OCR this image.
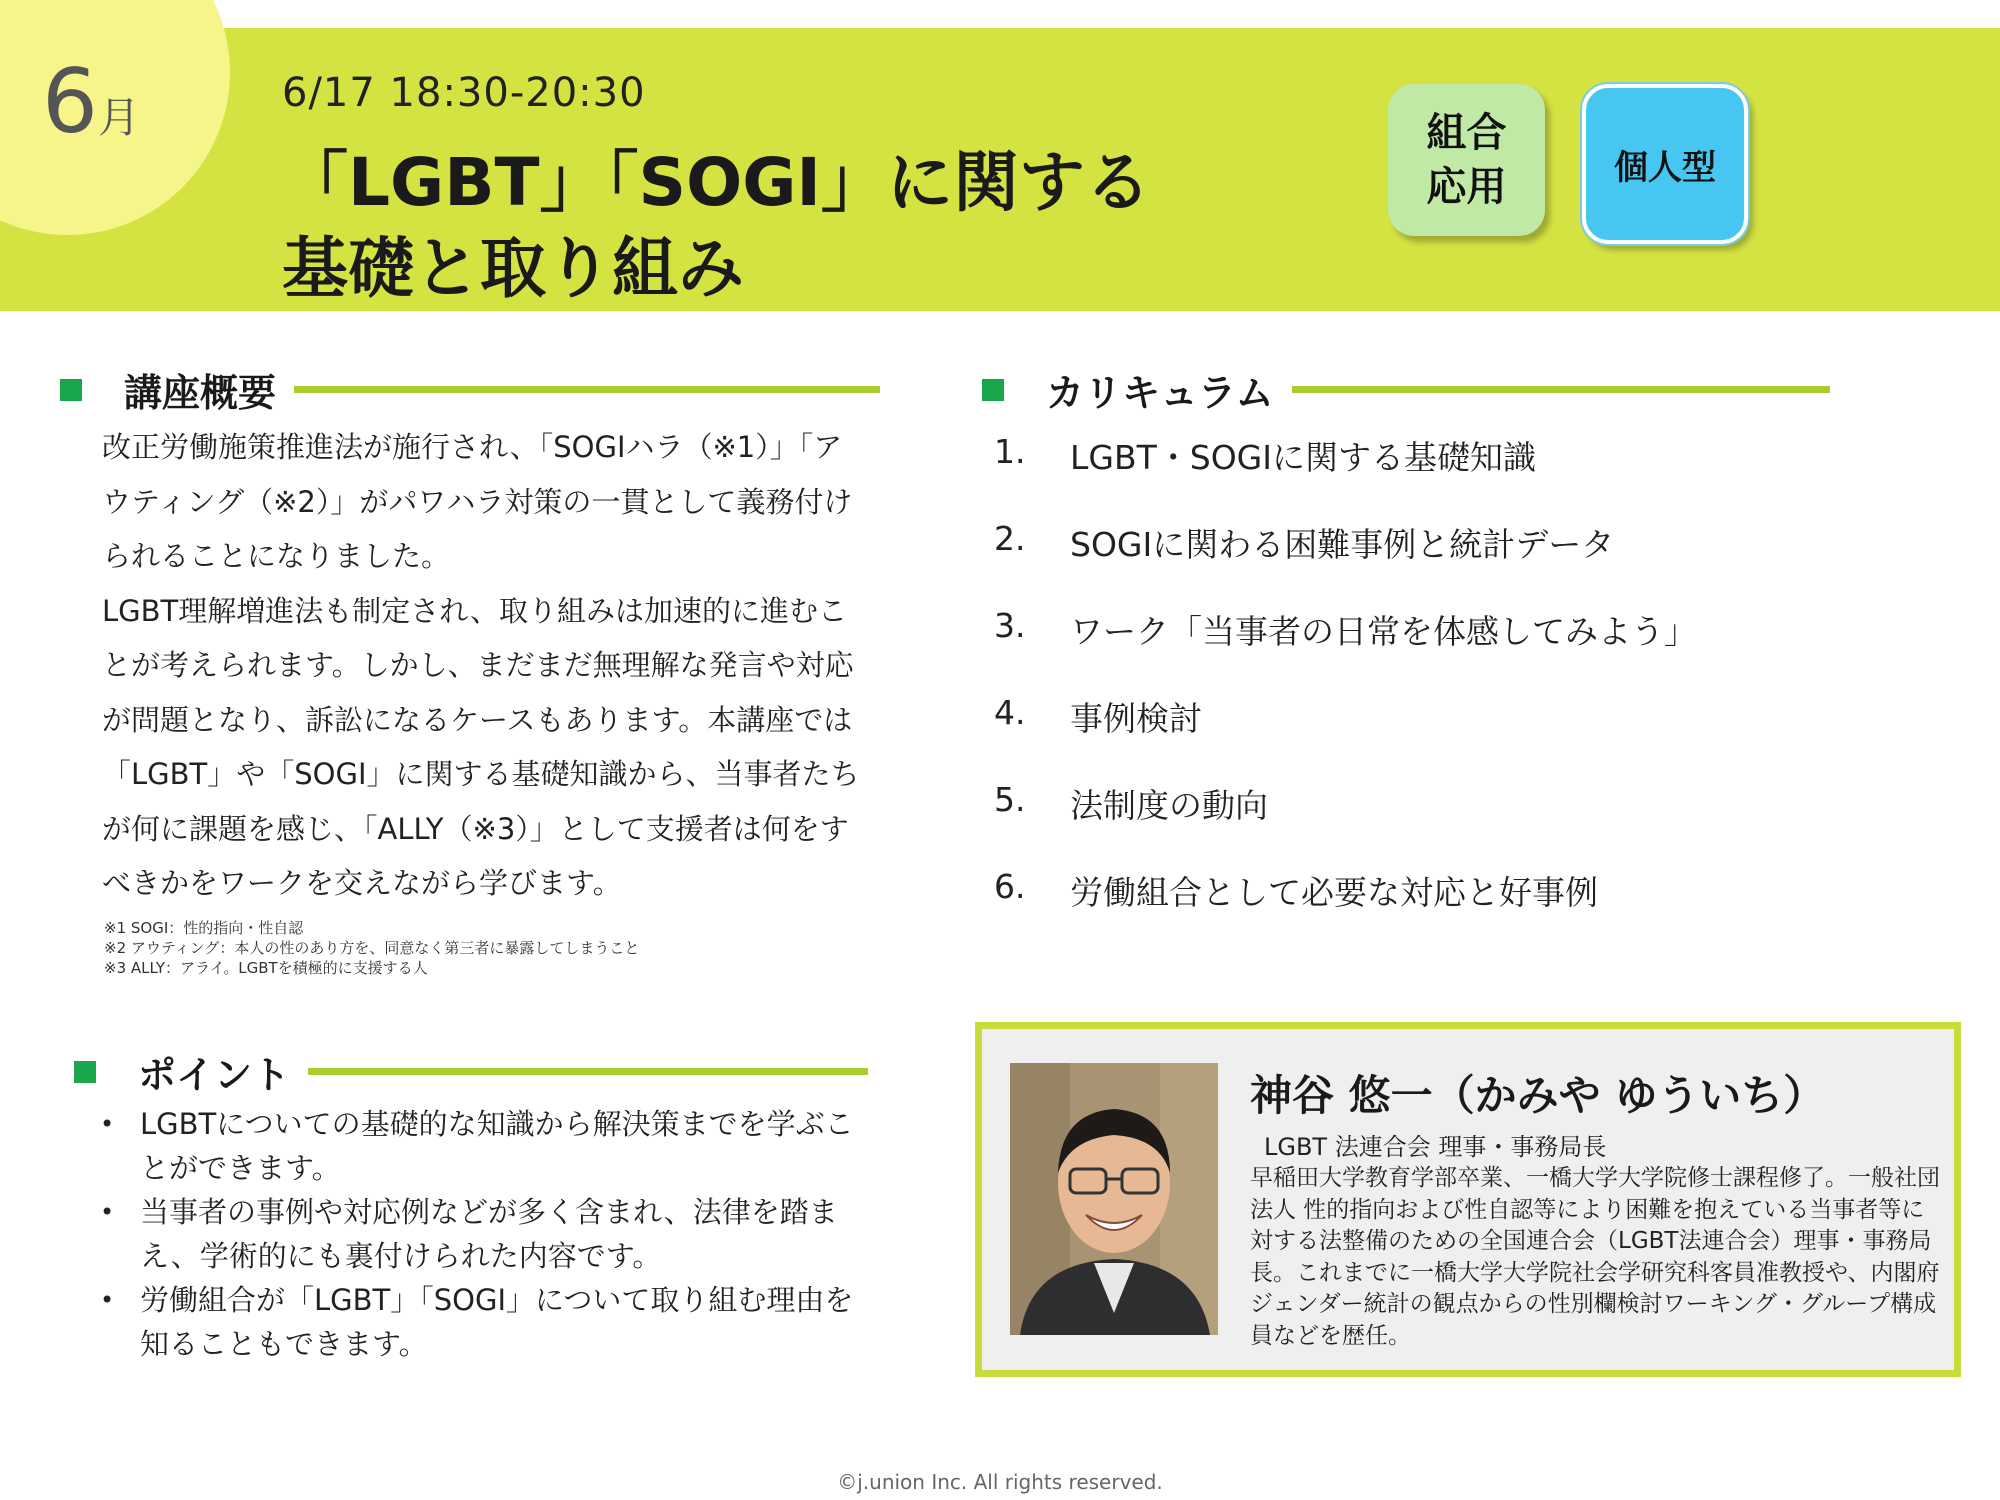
6月	6/17 18:30-20:30
「LGBT」「SOGI」に関する
基礎と取り組み
組合
応用	個人型
講座概要

改正労働施策推進法が施行され、「SOGIハラ（※1）」「アウティング（※2）」がパワハラ対策の一貫として義務付けられることになりました。

LGBT理解増進法も制定され、取り組みは加速的に進むことが考えられます。しかし、まだまだ無理解な発言や対応が問題となり、訴訟になるケースもあります。本講座では「LGBT」や「SOGI」に関する基礎知識から、当事者たちが何に課題を感じ、「ALLY（※3）」として支援者は何をすべきかをワークを交えながら学びます。

※1 SOGI：性的指向・性自認
※2 アウティング：本人の性のあり方を、同意なく第三者に暴露してしまうこと
※3 ALLY：アライ。LGBTを積極的に支援する人
カリキュラム
1.	LGBT・SOGIに関する基礎知識
2.	SOGIに関わる困難事例と統計データ
3.	ワーク「当事者の日常を体感してみよう」
4.	事例検討
5.	法制度の動向
6.	労働組合として必要な対応と好事例
ポイント
• LGBTについての基礎的な知識から解決策までを学ぶことができます。
• 当事者の事例や対応例などが多く含まれ、法律を踏まえ、学術的にも裏付けられた内容です。
• 労働組合が「LGBT」「SOGI」について取り組む理由を知ることもできます。
神谷 悠一（かみや ゆういち）
LGBT 法連合会 理事・事務局長

早稲田大学教育学部卒業、一橋大学大学院修士課程修了。一般社団法人 性的指向および性自認等により困難を抱えている当事者等に対する法整備のための全国連合会（LGBT法連合会）理事・事務局長。これまでに一橋大学大学院社会学研究科客員准教授や、内閣府ジェンダー統計の観点からの性別欄検討ワーキング・グループ構成員などを歴任。

©j.union Inc. All rights reserved.
